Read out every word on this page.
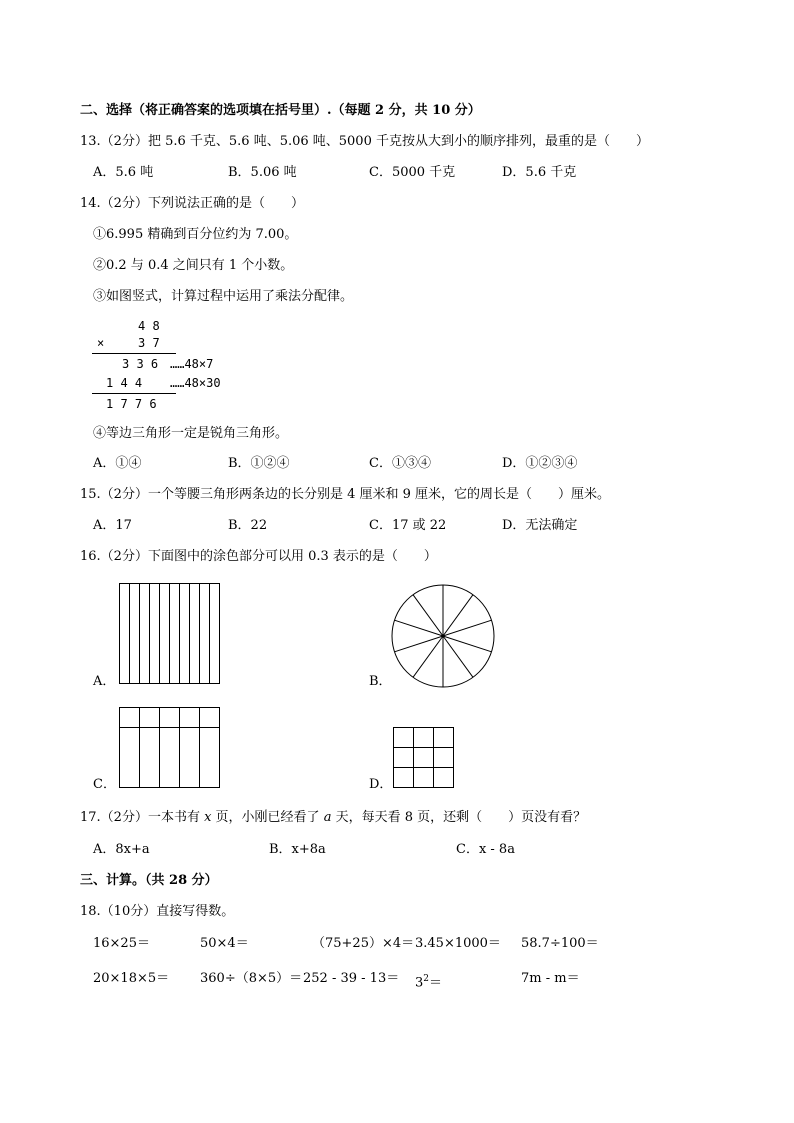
二、选择（将正确答案的选项填在括号里）.（每题 2 分，共 10 分）
13.（2分）把 5.6 千克、5.6 吨、5.06 吨、5000 千克按从大到小的顺序排列，最重的是（　　）
A．5.6 吨	B．5.06 吨	C．5000 千克	D．5.6 千克
14.（2分）下列说法正确的是（　　）
①6.995 精确到百分位约为 7.00。
②0.2 与 0.4 之间只有 1 个小数。
③如图竖式，计算过程中运用了乘法分配律。
4 8
×	3 7
3 3 6 ……48×7
1 4 4 ……48×30
1 7 7 6
④等边三角形一定是锐角三角形。
A．①④	B．①②④	C．①③④	D．①②③④
15.（2分）一个等腰三角形两条边的长分别是 4 厘米和 9 厘米，它的周长是（　　）厘米。
A．17	B．22	C．17 或 22	D．无法确定
16.（2分）下面图中的涂色部分可以用 0.3 表示的是（　　）
A．	B．
C．	D．
17.（2分）一本书有 x 页，小刚已经看了 a 天，每天看 8 页，还剩（　　）页没有看？
A．8x+a	B．x+8a	C．x - 8a
三、计算。（共 28 分）
18.（10分）直接写得数。
16×25＝	50×4＝	（75+25）×4＝ 3.45×1000＝ 58.7÷100＝
$20\times 18\times 5= 360\div(8\times 5)= 252 - 39 - 13= 3^2=$	7m - m＝
